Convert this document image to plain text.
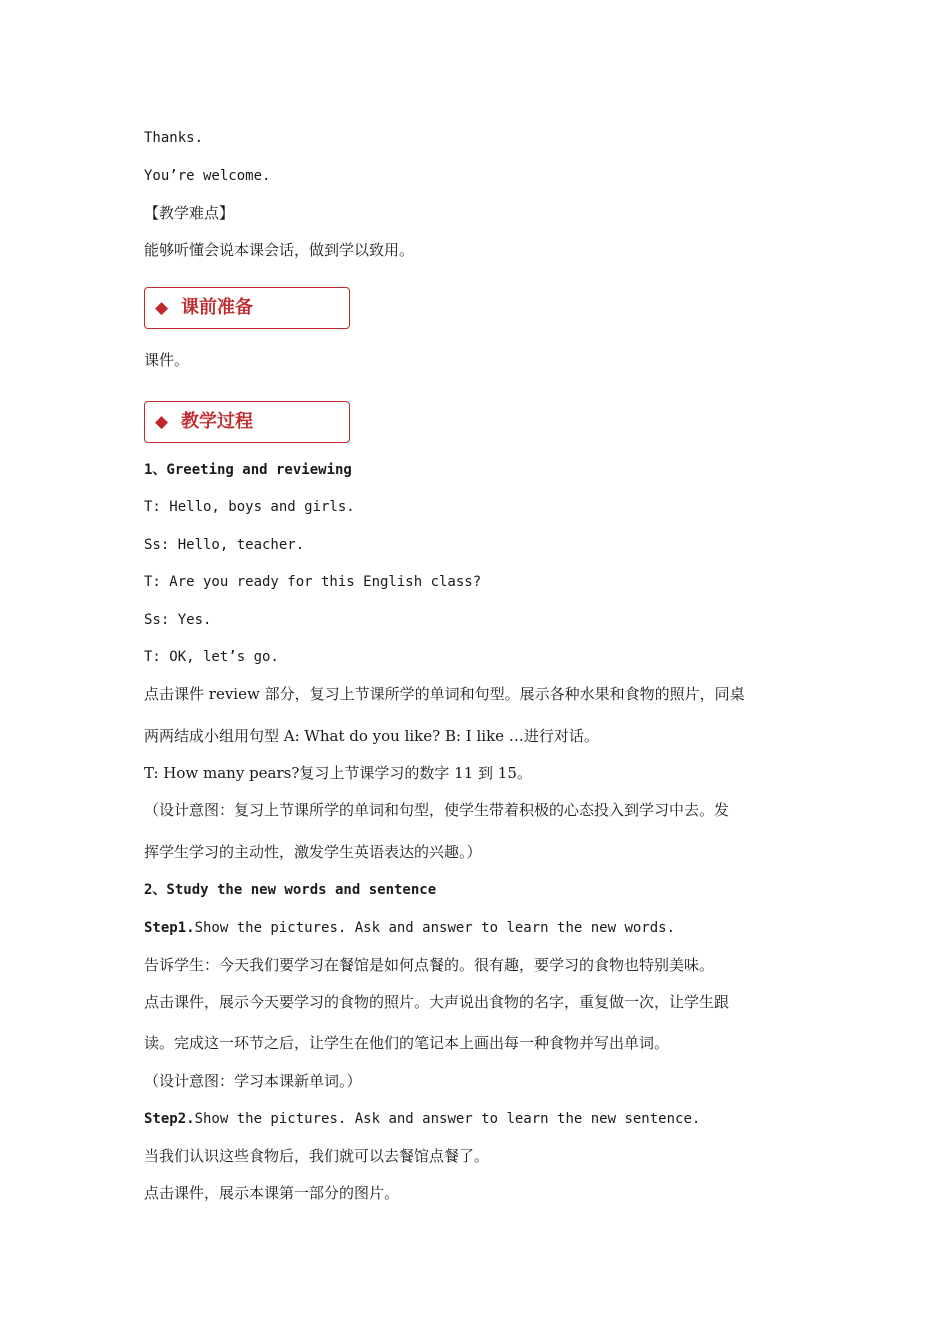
Thanks.
You’re welcome.
【教学难点】
能够听懂会说本课会话，做到学以致用。
◆ 课前准备
课件。
◆ 教学过程
1、Greeting and reviewing
T: Hello, boys and girls.
Ss: Hello, teacher.
T: Are you ready for this English class?
Ss: Yes.
T: OK, let’s go.
点击课件 review 部分，复习上节课所学的单词和句型。展示各种水果和食物的照片，同桌
两两结成小组用句型 A: What do you like? B: I like …进行对话。
T: How many pears?复习上节课学习的数字 11 到 15。
（设计意图：复习上节课所学的单词和句型，使学生带着积极的心态投入到学习中去。发
挥学生学习的主动性，激发学生英语表达的兴趣。）
2、Study the new words and sentence
Step1.Show the pictures. Ask and answer to learn the new words.
告诉学生：今天我们要学习在餐馆是如何点餐的。很有趣，要学习的食物也特别美味。
点击课件，展示今天要学习的食物的照片。大声说出食物的名字，重复做一次，让学生跟
读。完成这一环节之后，让学生在他们的笔记本上画出每一种食物并写出单词。
（设计意图：学习本课新单词。）
Step2.Show the pictures. Ask and answer to learn the new sentence.
当我们认识这些食物后，我们就可以去餐馆点餐了。
点击课件，展示本课第一部分的图片。
